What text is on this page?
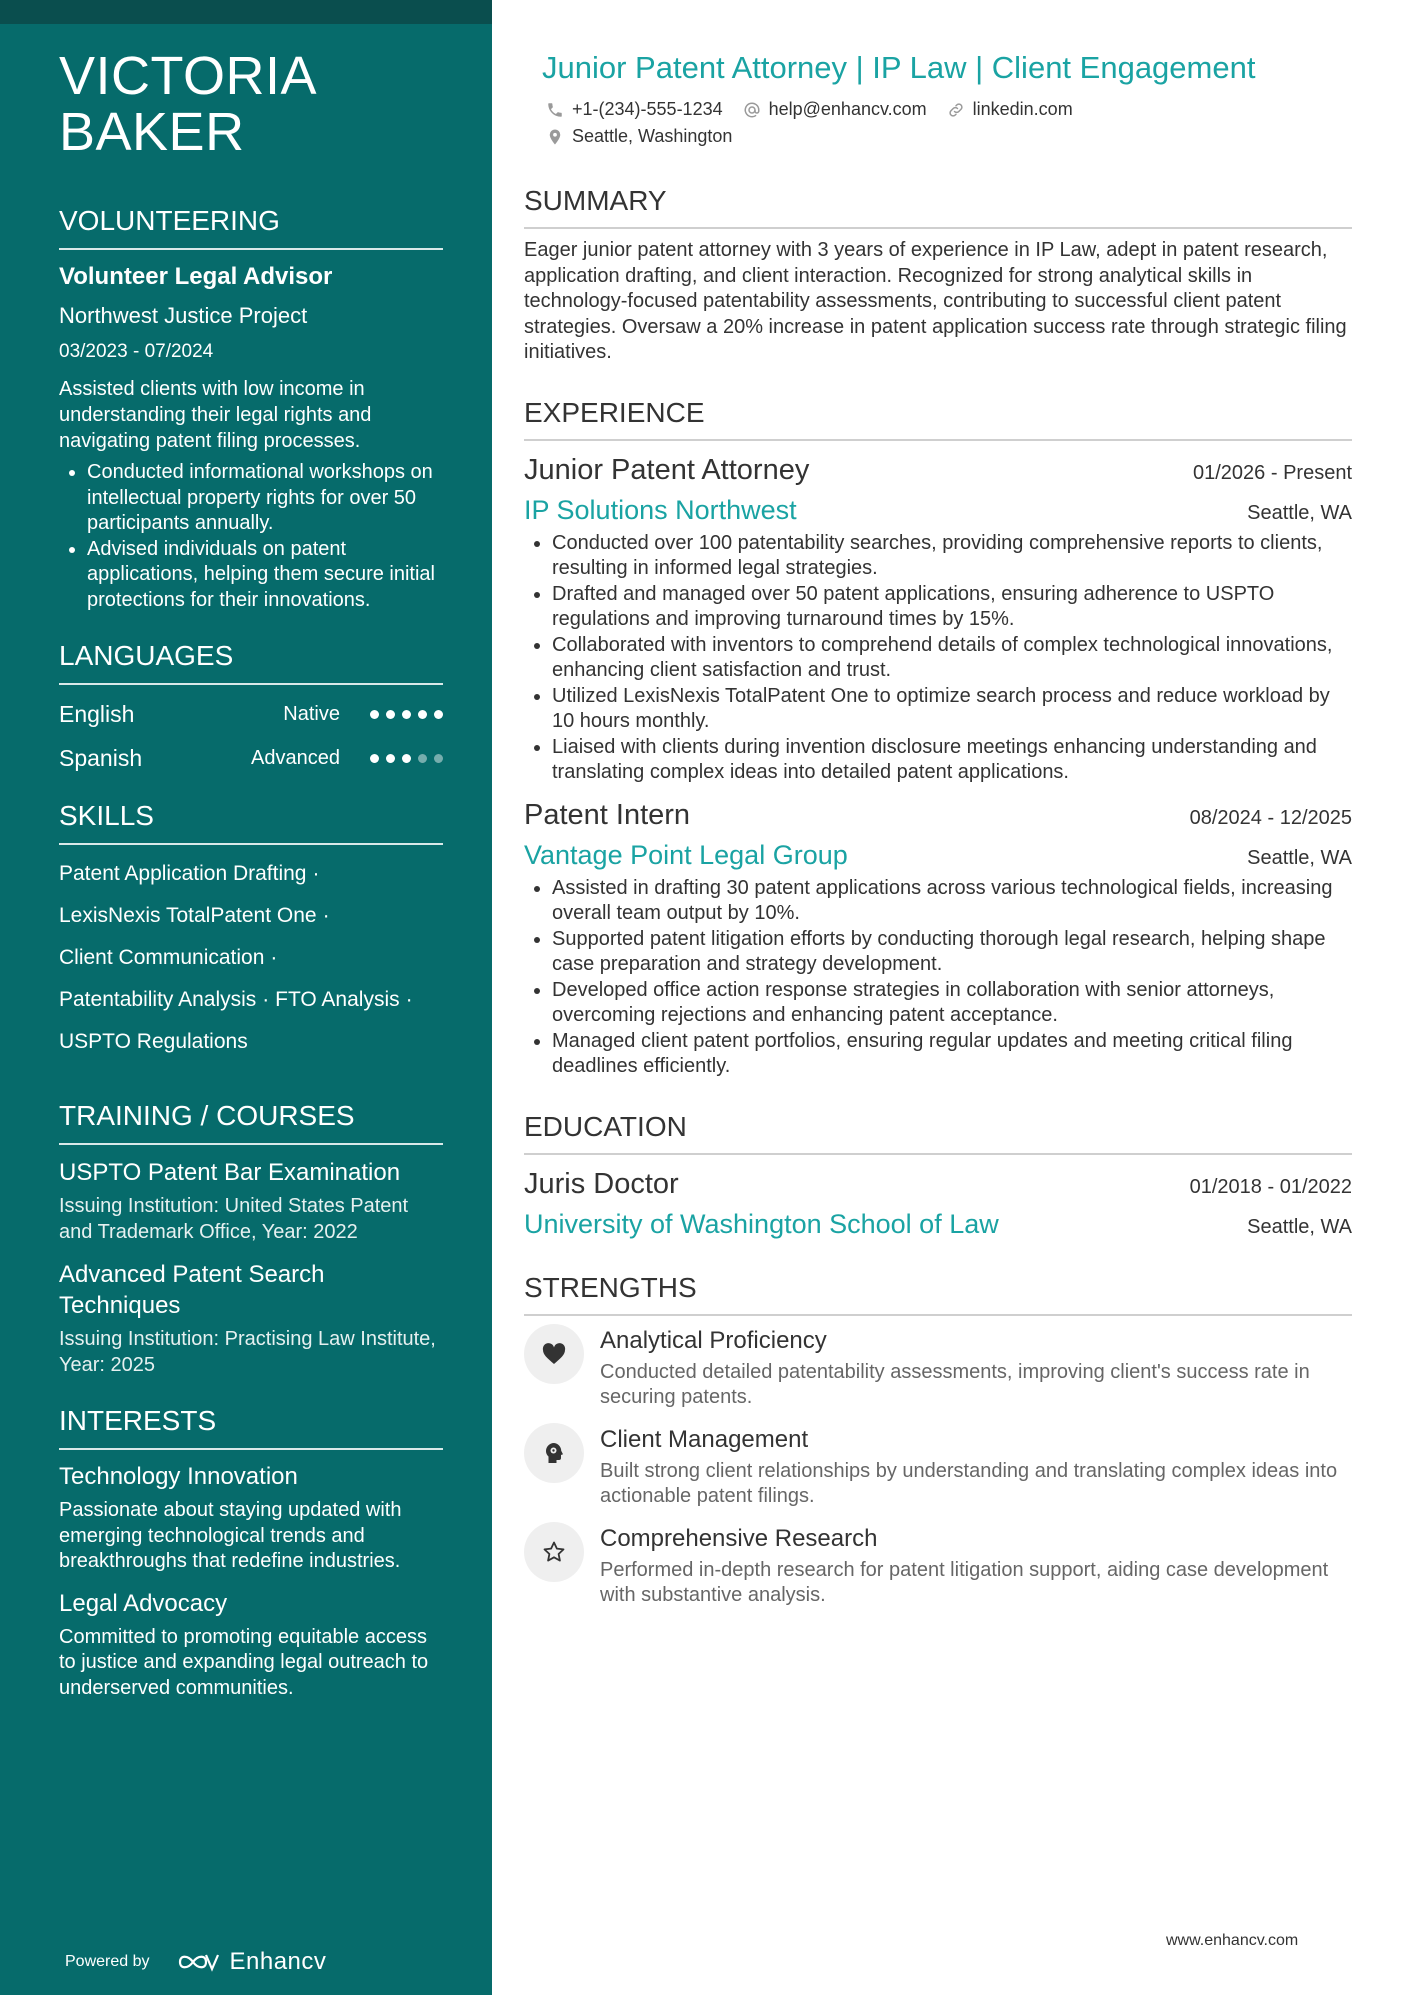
VICTORIA
BAKER
VOLUNTEERING
Volunteer Legal Advisor
Northwest Justice Project
03/2023 - 07/2024

Assisted clients with low income in understanding their legal rights and navigating patent filing processes.

• Conducted informational workshops on intellectual property rights for over 50 participants annually.
• Advised individuals on patent applications, helping them secure initial protections for their innovations.
LANGUAGES
English	Native
Spanish	Advanced
SKILLS
Patent Application Drafting ·
LexisNexis TotalPatent One ·
Client Communication ·
Patentability Analysis · FTO Analysis ·
USPTO Regulations
TRAINING / COURSES
USPTO Patent Bar Examination
Issuing Institution: United States Patent and Trademark Office, Year: 2022
Advanced Patent Search Techniques
Issuing Institution: Practising Law Institute, Year: 2025
INTERESTS
Technology Innovation
Passionate about staying updated with emerging technological trends and breakthroughs that redefine industries.
Legal Advocacy
Committed to promoting equitable access to justice and expanding legal outreach to underserved communities.
Powered by	Enhancv
Junior Patent Attorney | IP Law | Client Engagement
+1-(234)-555-1234	help@enhancv.com	linkedin.com
Seattle, Washington
SUMMARY

Eager junior patent attorney with 3 years of experience in IP Law, adept in patent research, application drafting, and client interaction. Recognized for strong analytical skills in technology-focused patentability assessments, contributing to successful client patent strategies. Oversaw a 20% increase in patent application success rate through strategic filing initiatives.

EXPERIENCE
Junior Patent Attorney	01/2026 - Present
IP Solutions Northwest	Seattle, WA
• Conducted over 100 patentability searches, providing comprehensive reports to clients, resulting in informed legal strategies.
• Drafted and managed over 50 patent applications, ensuring adherence to USPTO regulations and improving turnaround times by 15%.
• Collaborated with inventors to comprehend details of complex technological innovations, enhancing client satisfaction and trust.
• Utilized LexisNexis TotalPatent One to optimize search process and reduce workload by 10 hours monthly.
• Liaised with clients during invention disclosure meetings enhancing understanding and translating complex ideas into detailed patent applications.
Patent Intern	08/2024 - 12/2025
Vantage Point Legal Group	Seattle, WA
• Assisted in drafting 30 patent applications across various technological fields, increasing overall team output by 10%.
• Supported patent litigation efforts by conducting thorough legal research, helping shape case preparation and strategy development.
• Developed office action response strategies in collaboration with senior attorneys, overcoming rejections and enhancing patent acceptance.
• Managed client patent portfolios, ensuring regular updates and meeting critical filing deadlines efficiently.
EDUCATION
Juris Doctor	01/2018 - 01/2022
University of Washington School of Law	Seattle, WA
STRENGTHS
Analytical Proficiency
Conducted detailed patentability assessments, improving client's success rate in securing patents.
Client Management
Built strong client relationships by understanding and translating complex ideas into actionable patent filings.
Comprehensive Research
Performed in-depth research for patent litigation support, aiding case development with substantive analysis.
www.enhancv.com
